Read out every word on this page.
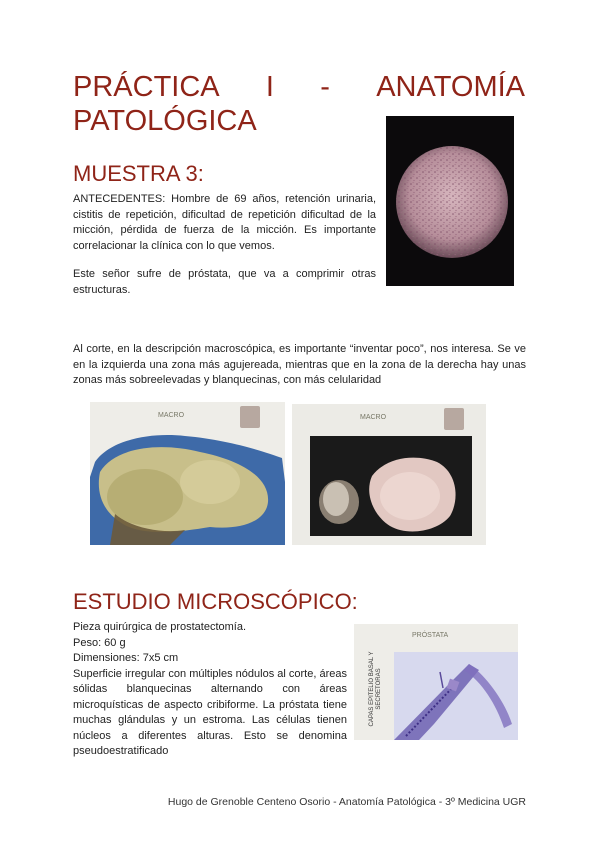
PRÁCTICA I - ANATOMÍA
PATOLÓGICA
MUESTRA 3:

ANTECEDENTES: Hombre de 69 años, retención urinaria, cistitis de repetición, dificultad de repetición dificultad de la micción, pérdida de fuerza de la micción. Es importante correlacionar la clínica con lo que vemos.

Este señor sufre de próstata, que va a comprimir otras estructuras.

Al corte, en la descripción macroscópica, es importante “inventar poco”, nos interesa. Se ve en la izquierda una zona más agujereada, mientras que en la zona de la derecha hay unas zonas más sobreelevadas y blanquecinas, con más celularidad

MACRO	MACRO
ESTUDIO MICROSCÓPICO:
Pieza quirúrgica de prostatectomía.
Peso: 60 g
Dimensiones: 7x5 cm
Superficie irregular con múltiples nódulos al corte, áreas sólidas blanquecinas alternando con áreas microquísticas de aspecto cribiforme. La próstata tiene muchas glándulas y un estroma. Las células tienen núcleos a diferentes alturas. Esto se denomina pseudoestratificado
PRÓSTATA
CAPAS EPITELIO BASAL Y SECRETORAS
Hugo de Grenoble Centeno Osorio - Anatomía Patológica - 3º Medicina UGR
